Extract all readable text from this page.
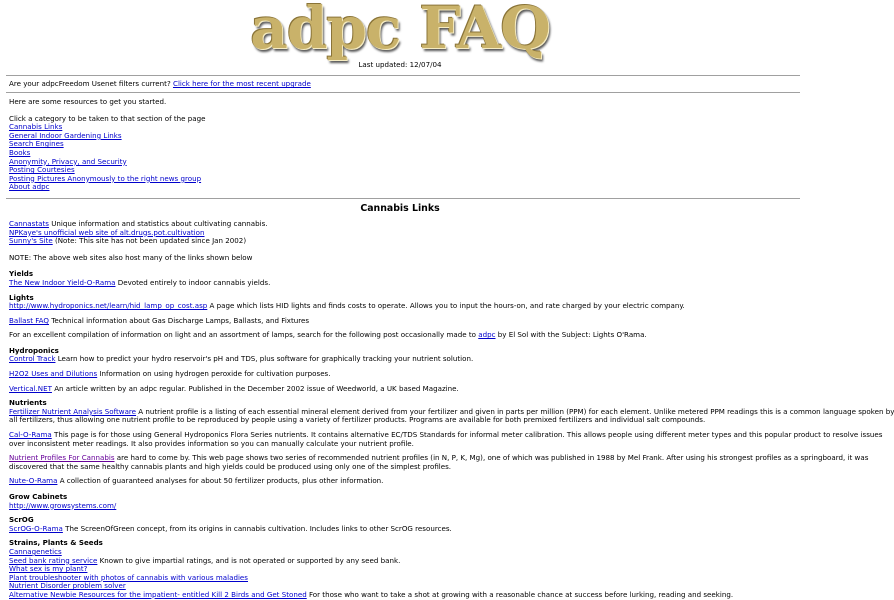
adpc FAQ
Last updated: 12/07/04
Are your adpcFreedom Usenet filters current? Click here for the most recent upgrade
Here are some resources to get you started.
Click a category to be taken to that section of the page
Cannabis Links
General Indoor Gardening Links
Search Engines
Books
Anonymity, Privacy, and Security
Posting Courtesies
Posting Pictures Anonymously to the right news group
About adpc
Cannabis Links
Cannastats Unique information and statistics about cultivating cannabis.
NPKaye's unofficial web site of alt.drugs.pot.cultivation
Sunny's Site (Note: This site has not been updated since Jan 2002)
NOTE: The above web sites also host many of the links shown below
Yields
The New Indoor Yield-O-Rama Devoted entirely to indoor cannabis yields.
Lights
http://www.hydroponics.net/learn/hid_lamp_op_cost.asp A page which lists HID lights and finds costs to operate. Allows you to input the hours-on, and rate charged by your electric company.
Ballast FAQ Technical information about Gas Discharge Lamps, Ballasts, and Fixtures
For an excellent compilation of information on light and an assortment of lamps, search for the following post occasionally made to adpc by El Sol with the Subject: Lights O'Rama.
Hydroponics
Control Track Learn how to predict your hydro reservoir's pH and TDS, plus software for graphically tracking your nutrient solution.
H2O2 Uses and Dilutions Information on using hydrogen peroxide for cultivation purposes.
Vertical.NET An article written by an adpc regular. Published in the December 2002 issue of Weedworld, a UK based Magazine.
Nutrients
Fertilizer Nutrient Analysis Software A nutrient profile is a listing of each essential mineral element derived from your fertilizer and given in parts per million (PPM) for each element. Unlike metered PPM readings this is a common language spoken by
all fertilizers, thus allowing one nutrient profile to be reproduced by people using a variety of fertilizer products. Programs are available for both premixed fertilizers and individual salt compounds.
Cal-O-Rama This page is for those using General Hydroponics Flora Series nutrients. It contains alternative EC/TDS Standards for informal meter calibration. This allows people using different meter types and this popular product to resolve issues
over inconsistent meter readings. It also provides information so you can manually calculate your nutrient profile.
Nutrient Profiles For Cannabis are hard to come by. This web page shows two series of recommended nutrient profiles (in N, P, K, Mg), one of which was published in 1988 by Mel Frank. After using his strongest profiles as a springboard, it was
discovered that the same healthy cannabis plants and high yields could be produced using only one of the simplest profiles.
Nute-O-Rama A collection of guaranteed analyses for about 50 fertilizer products, plus other information.
Grow Cabinets
http://www.growsystems.com/
ScrOG
ScrOG-O-Rama The ScreenOfGreen concept, from its origins in cannabis cultivation. Includes links to other ScrOG resources.
Strains, Plants & Seeds
Cannagenetics
Seed bank rating service Known to give impartial ratings, and is not operated or supported by any seed bank.
What sex is my plant?
Plant troubleshooter with photos of cannabis with various maladies
Nutrient Disorder problem solver
Alternative Newbie Resources for the impatient- entitled Kill 2 Birds and Get Stoned For those who want to take a shot at growing with a reasonable chance at success before lurking, reading and seeking.
